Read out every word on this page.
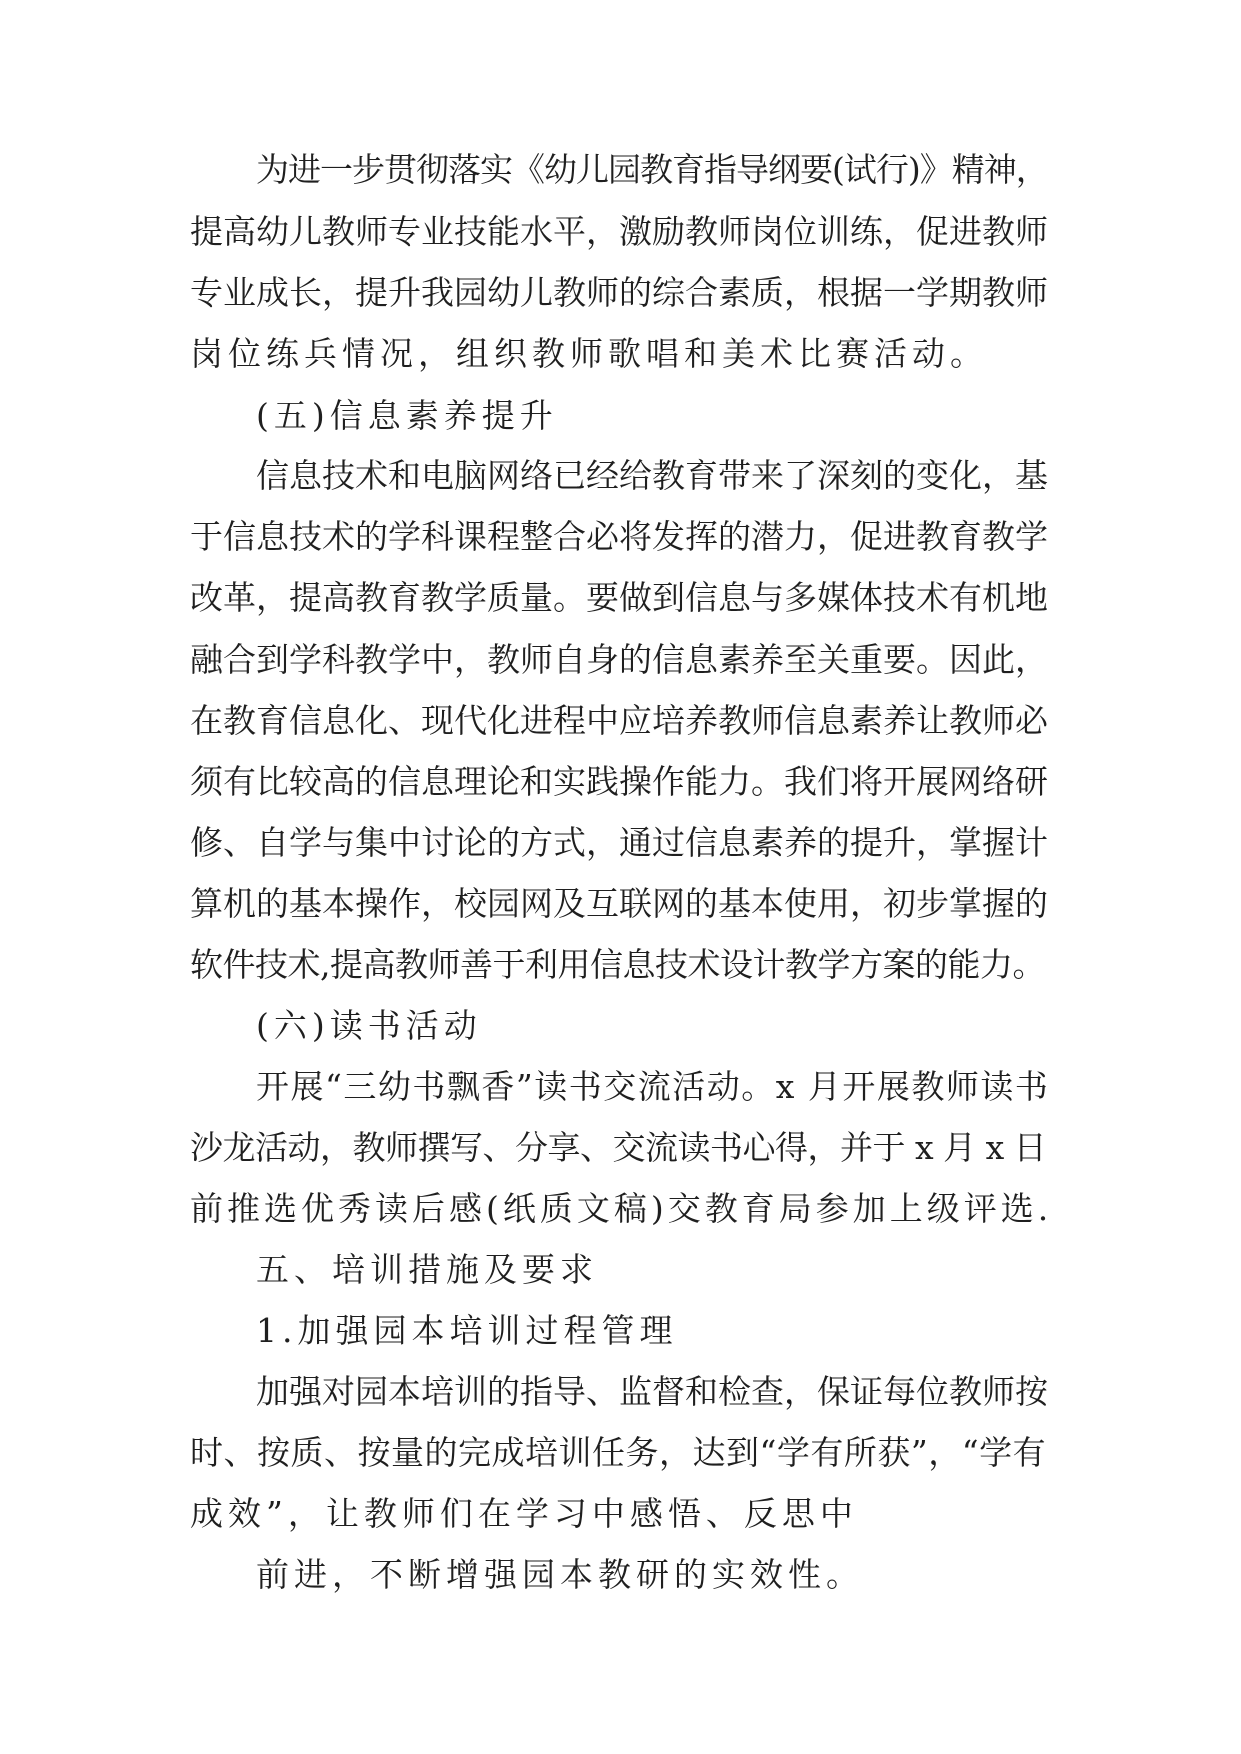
为进一步贯彻落实《幼儿园教育指导纲要(试行)》精神，

提高幼儿教师专业技能水平，激励教师岗位训练，促进教师

专业成长，提升我园幼儿教师的综合素质，根据一学期教师

岗位练兵情况，组织教师歌唱和美术比赛活动。

(五)信息素养提升

信息技术和电脑网络已经给教育带来了深刻的变化，基

于信息技术的学科课程整合必将发挥的潜力，促进教育教学

改革，提高教育教学质量。要做到信息与多媒体技术有机地

融合到学科教学中，教师自身的信息素养至关重要。因此，

在教育信息化、现代化进程中应培养教师信息素养让教师必

须有比较高的信息理论和实践操作能力。我们将开展网络研

修、自学与集中讨论的方式，通过信息素养的提升，掌握计

算机的基本操作，校园网及互联网的基本使用，初步掌握的

软件技术,提高教师善于利用信息技术设计教学方案的能力。

(六)读书活动

开展“三幼书飘香”读书交流活动。x 月开展教师读书

沙龙活动，教师撰写、分享、交流读书心得，并于 x 月 x 日

前推选优秀读后感(纸质文稿)交教育局参加上级评选.

五、培训措施及要求

1.加强园本培训过程管理

加强对园本培训的指导、监督和检查，保证每位教师按

时、按质、按量的完成培训任务，达到“学有所获”，“学有

成效”，让教师们在学习中感悟、反思中

前进，不断增强园本教研的实效性。
